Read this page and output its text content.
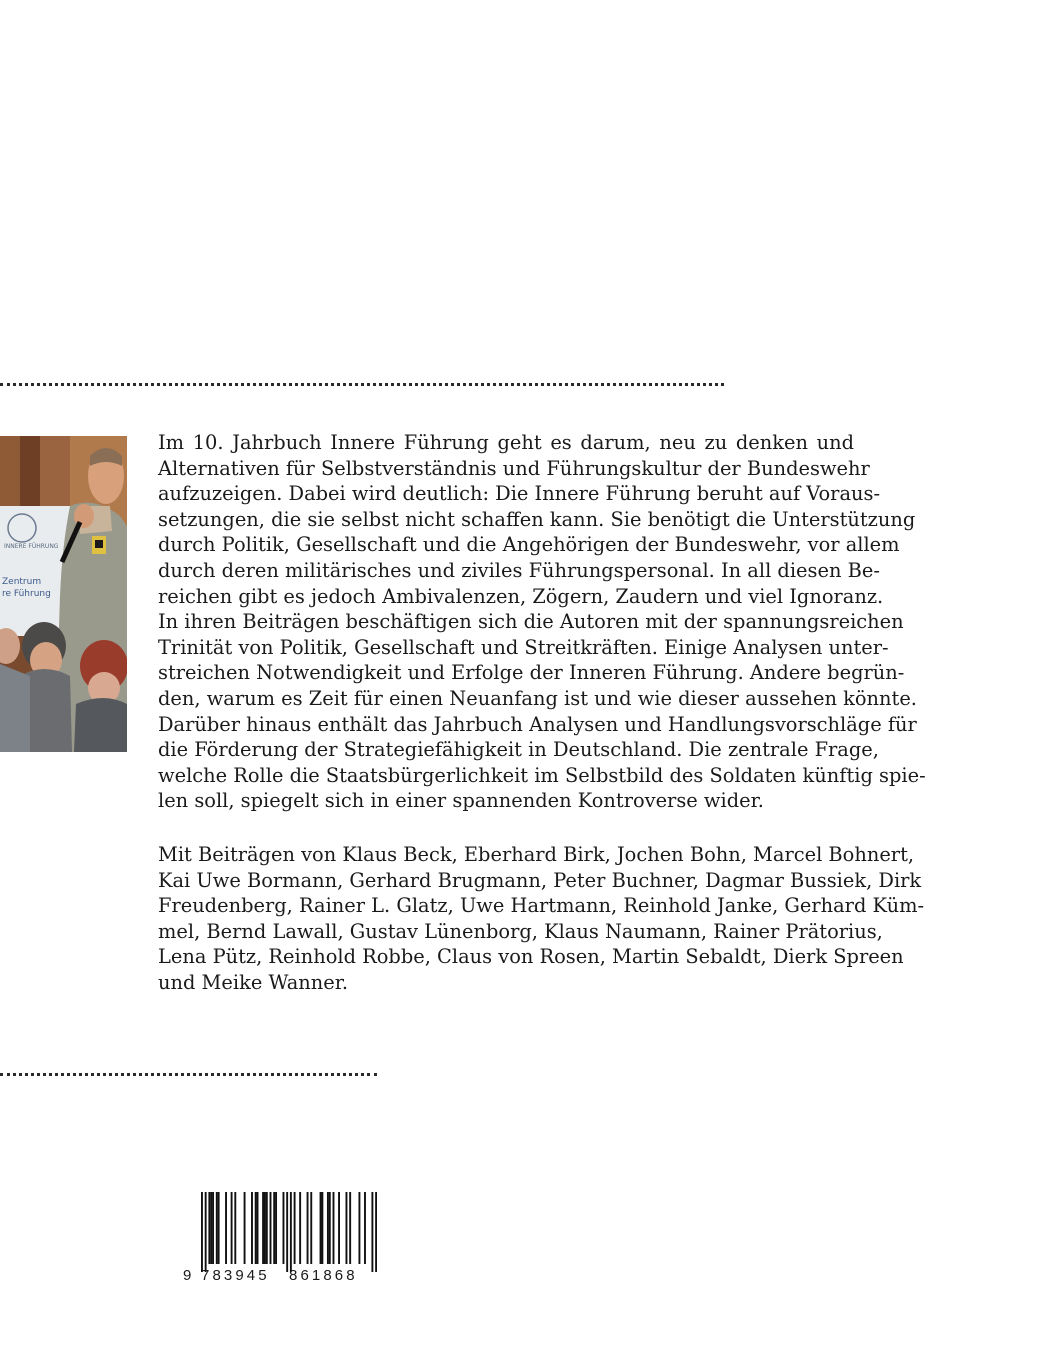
INNERE FÜHRUNG
Zentrum
re Führung

Im 10. Jahrbuch Innere Führung geht es darum, neu zu denken und
Alternativen für Selbstverständnis und Führungskultur der Bundeswehr
aufzuzeigen. Dabei wird deutlich: Die Innere Führung beruht auf Voraus-
setzungen, die sie selbst nicht schaffen kann. Sie benötigt die Unterstützung
durch Politik, Gesellschaft und die Angehörigen der Bundeswehr, vor allem
durch deren militärisches und ziviles Führungspersonal. In all diesen Be-
reichen gibt es jedoch Ambivalenzen, Zögern, Zaudern und viel Ignoranz.
In ihren Beiträgen beschäftigen sich die Autoren mit der spannungsreichen
Trinität von Politik, Gesellschaft und Streitkräften. Einige Analysen unter-
streichen Notwendigkeit und Erfolge der Inneren Führung. Andere begrün-
den, warum es Zeit für einen Neuanfang ist und wie dieser aussehen könnte.
Darüber hinaus enthält das Jahrbuch Analysen und Handlungsvorschläge für
die Förderung der Strategiefähigkeit in Deutschland. Die zentrale Frage,
welche Rolle die Staatsbürgerlichkeit im Selbstbild des Soldaten künftig spie-
len soll, spiegelt sich in einer spannenden Kontroverse wider.

Mit Beiträgen von Klaus Beck, Eberhard Birk, Jochen Bohn, Marcel Bohnert,
Kai Uwe Bormann, Gerhard Brugmann, Peter Buchner, Dagmar Bussiek, Dirk
Freudenberg, Rainer L. Glatz, Uwe Hartmann, Reinhold Janke, Gerhard Küm-
mel, Bernd Lawall, Gustav Lünenborg, Klaus Naumann, Rainer Prätorius,
Lena Pütz, Reinhold Robbe, Claus von Rosen, Martin Sebaldt, Dierk Spreen
und Meike Wanner.

9 783945	861868
